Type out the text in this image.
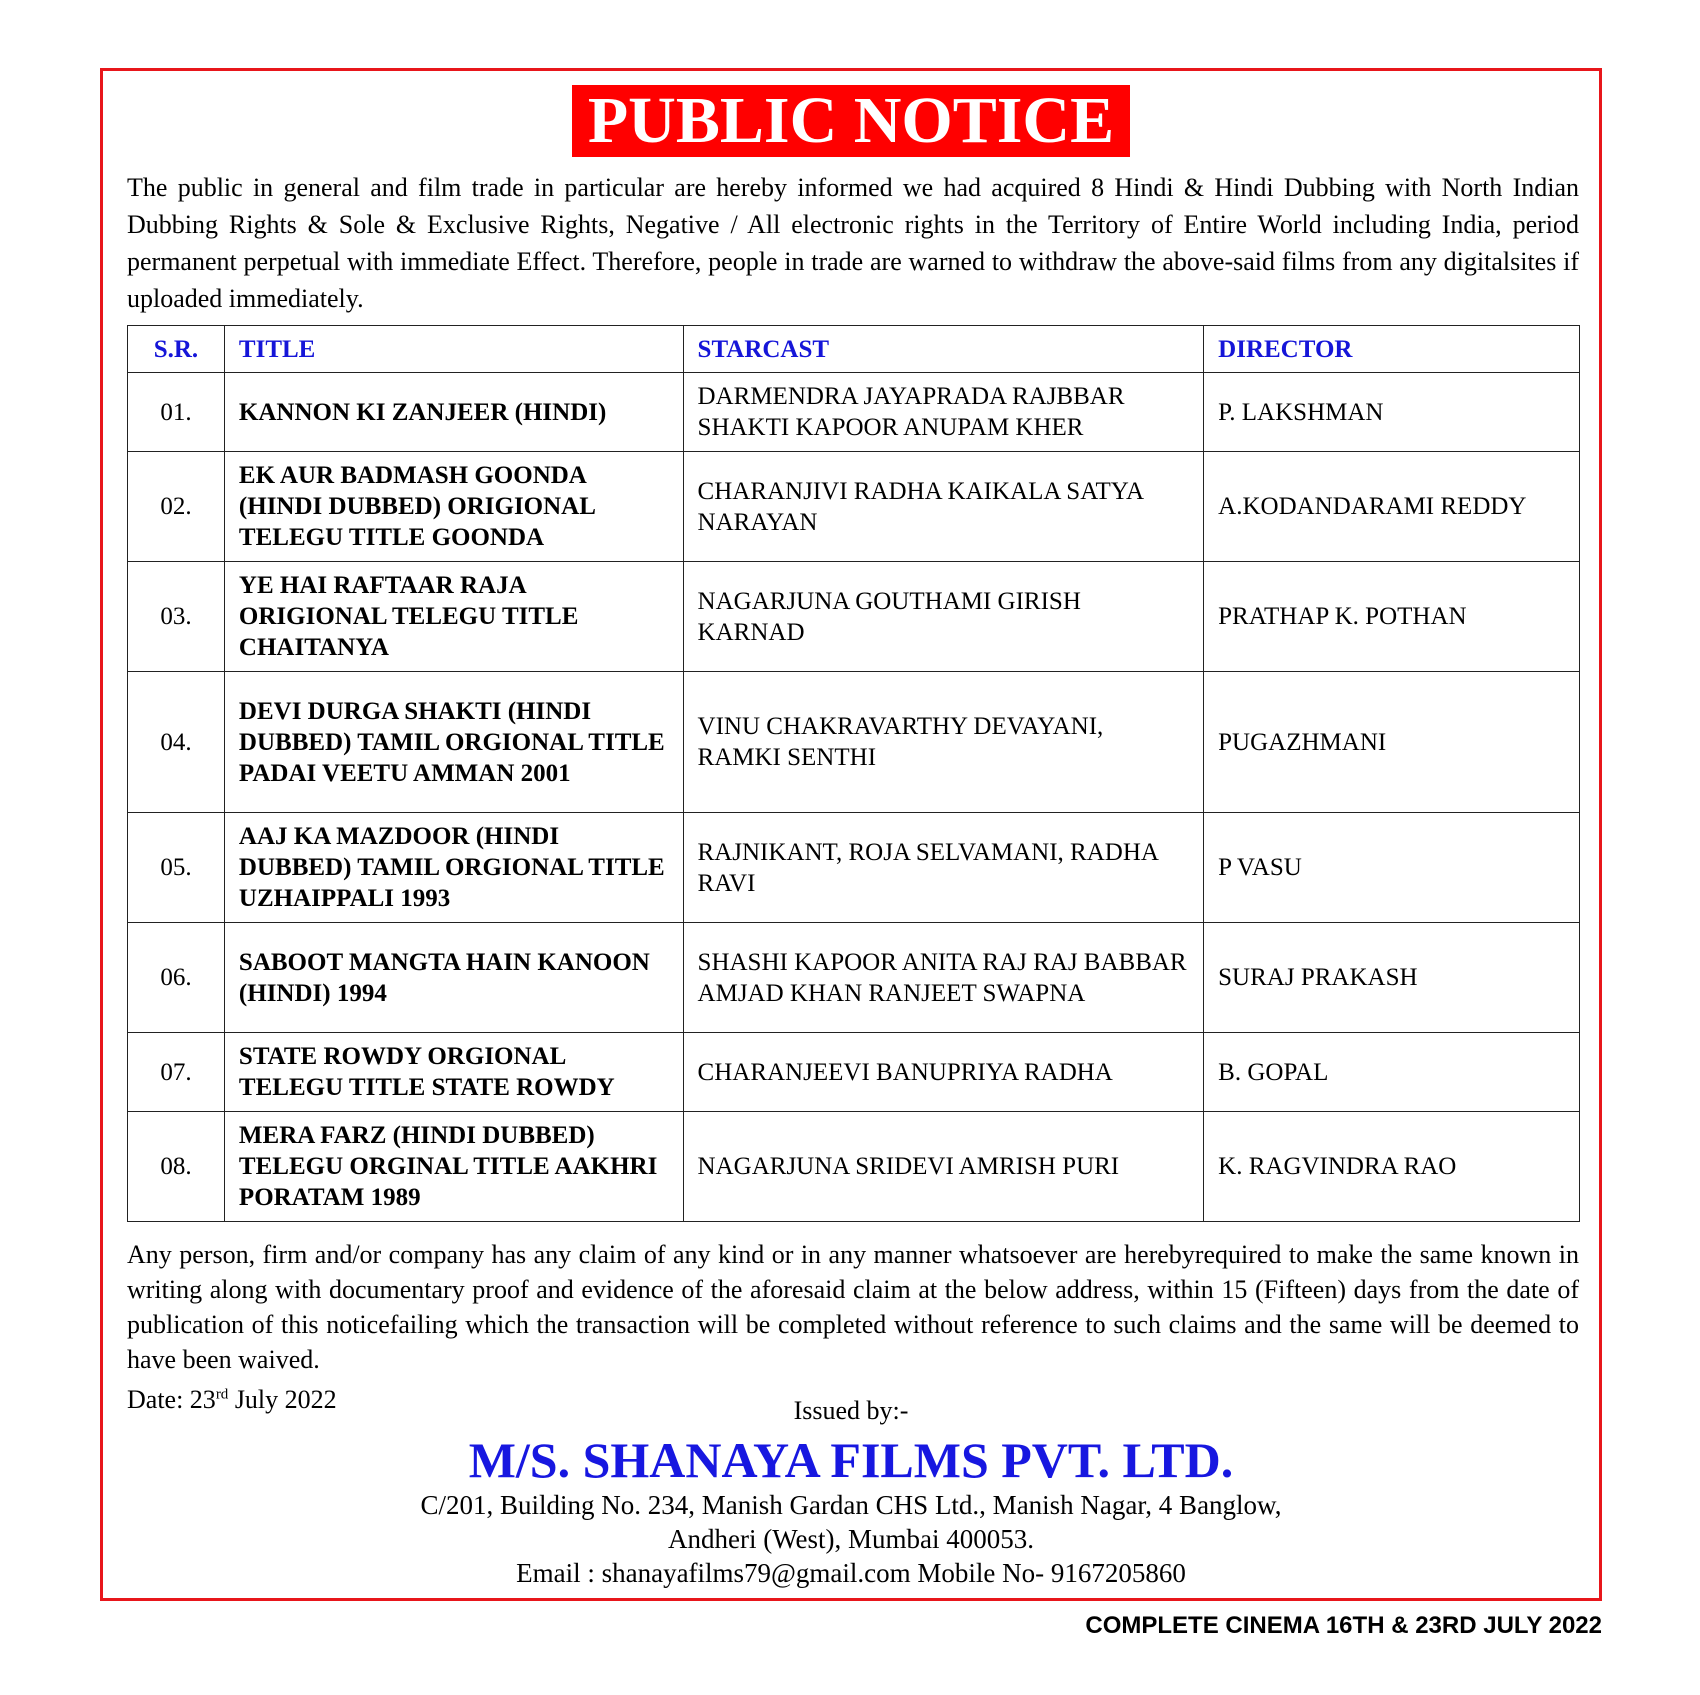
PUBLIC NOTICE

The public in general and film trade in particular are hereby informed we had acquired 8 Hindi & Hindi Dubbing with North Indian Dubbing Rights & Sole & Exclusive Rights, Negative / All electronic rights in the Territory of Entire World including India, period permanent perpetual with immediate Effect. Therefore, people in trade are warned to withdraw the above-said films from any digitalsites if uploaded immediately.

S.R.	TITLE	STARCAST	DIRECTOR
01.	KANNON KI ZANJEER (HINDI)	DARMENDRA JAYAPRADA RAJBBAR SHAKTI KAPOOR ANUPAM KHER	P. LAKSHMAN
02.	EK AUR BADMASH GOONDA (HINDI DUBBED) ORIGIONAL TELEGU TITLE GOONDA	CHARANJIVI RADHA KAIKALA SATYA NARAYAN	A.KODANDARAMI REDDY
03.	YE HAI RAFTAAR RAJA ORIGIONAL TELEGU TITLE CHAITANYA	NAGARJUNA GOUTHAMI GIRISH KARNAD	PRATHAP K. POTHAN
04.	DEVI DURGA SHAKTI (HINDI DUBBED) TAMIL ORGIONAL TITLE PADAI VEETU AMMAN 2001	VINU CHAKRAVARTHY DEVAYANI, RAMKI SENTHI	PUGAZHMANI
05.	AAJ KA MAZDOOR (HINDI DUBBED) TAMIL ORGIONAL TITLE UZHAIPPALI 1993	RAJNIKANT, ROJA SELVAMANI, RADHA RAVI	P VASU
06.	SABOOT MANGTA HAIN KANOON (HINDI) 1994	SHASHI KAPOOR ANITA RAJ RAJ BABBAR AMJAD KHAN RANJEET SWAPNA	SURAJ PRAKASH
07.	STATE ROWDY ORGIONAL TELEGU TITLE STATE ROWDY	CHARANJEEVI BANUPRIYA RADHA	B. GOPAL
08.	MERA FARZ (HINDI DUBBED) TELEGU ORGINAL TITLE AAKHRI PORATAM 1989	NAGARJUNA SRIDEVI AMRISH PURI	K. RAGVINDRA RAO

Any person, firm and/or company has any claim of any kind or in any manner whatsoever are herebyrequired to make the same known in writing along with documentary proof and evidence of the aforesaid claim at the below address, within 15 (Fifteen) days from the date of publication of this noticefailing which the transaction will be completed without reference to such claims and the same will be deemed to have been waived.

Date: 23rd July 2022	Issued by:-
M/S. SHANAYA FILMS PVT. LTD.
C/201, Building No. 234, Manish Gardan CHS Ltd., Manish Nagar, 4 Banglow,
Andheri (West), Mumbai 400053.
Email : shanayafilms79@gmail.com Mobile No- 9167205860
COMPLETE CINEMA 16TH & 23RD JULY 2022
